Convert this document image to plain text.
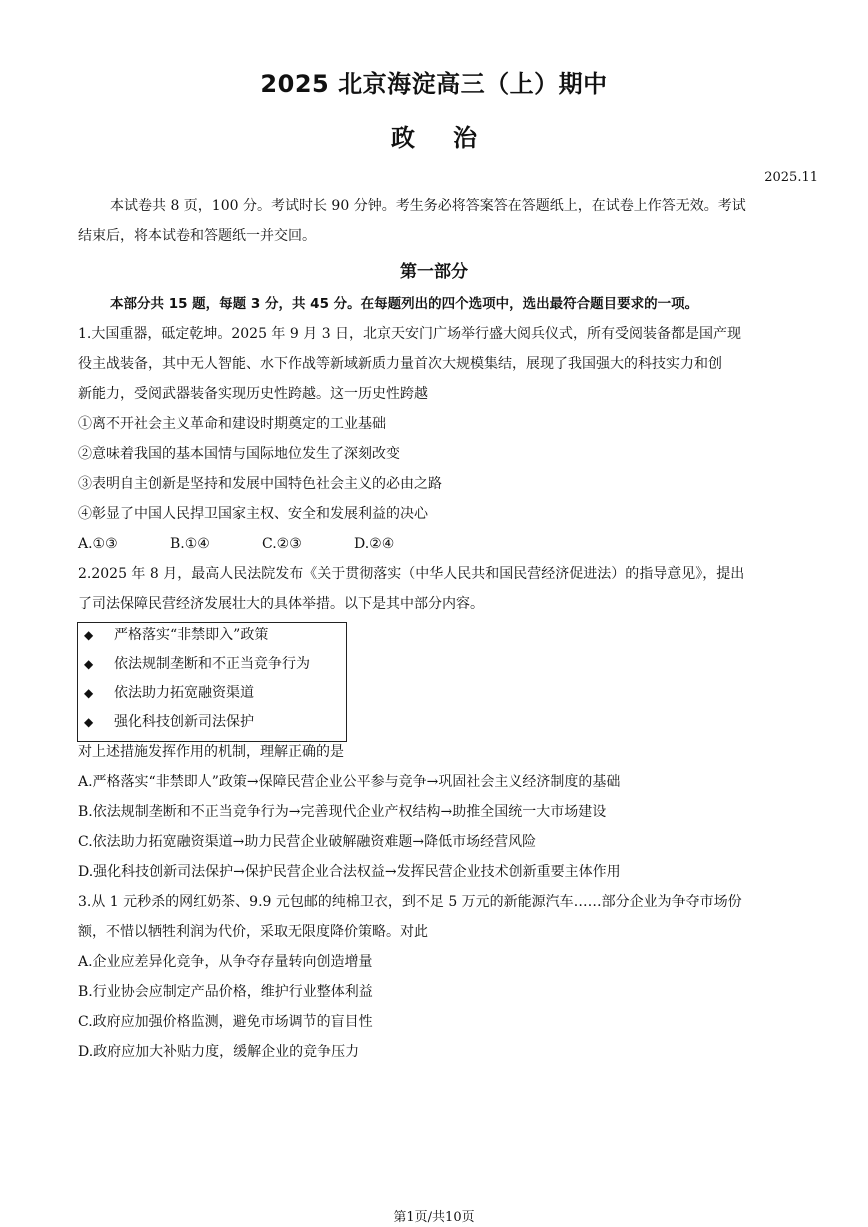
2025 北京海淀高三（上）期中
政治
2025.11
本试卷共 8 页，100 分。考试时长 90 分钟。考生务必将答案答在答题纸上，在试卷上作答无效。考试
结束后，将本试卷和答题纸一并交回。
第一部分
本部分共 15 题，每题 3 分，共 45 分。在每题列出的四个选项中，选出最符合题目要求的一项。
1.大国重器，砥定乾坤。2025 年 9 月 3 日，北京天安门广场举行盛大阅兵仪式，所有受阅装备都是国产现
役主战装备，其中无人智能、水下作战等新域新质力量首次大规模集结，展现了我国强大的科技实力和创
新能力，受阅武器装备实现历史性跨越。这一历史性跨越
①离不开社会主义革命和建设时期奠定的工业基础
②意味着我国的基本国情与国际地位发生了深刻改变
③表明自主创新是坚持和发展中国特色社会主义的必由之路
④彰显了中国人民捍卫国家主权、安全和发展利益的决心
A.①③	B.①④	C.②③	D.②④
2.2025 年 8 月，最高人民法院发布《关于贯彻落实（中华人民共和国民营经济促进法）的指导意见》，提出
了司法保障民营经济发展壮大的具体举措。以下是其中部分内容。
◆ 严格落实“非禁即入”政策
◆ 依法规制垄断和不正当竞争行为
◆ 依法助力拓宽融资渠道
◆ 强化科技创新司法保护
对上述措施发挥作用的机制，理解正确的是
A.严格落实“非禁即人”政策→保障民营企业公平参与竞争→巩固社会主义经济制度的基础
B.依法规制垄断和不正当竞争行为→完善现代企业产权结构→助推全国统一大市场建设
C.依法助力拓宽融资渠道→助力民营企业破解融资难题→降低市场经营风险
D.强化科技创新司法保护→保护民营企业合法权益→发挥民营企业技术创新重要主体作用
3.从 1 元秒杀的网红奶茶、9.9 元包邮的纯棉卫衣，到不足 5 万元的新能源汽车……部分企业为争夺市场份
额，不惜以牺牲利润为代价，采取无限度降价策略。对此
A.企业应差异化竞争，从争夺存量转向创造增量
B.行业协会应制定产品价格，维护行业整体利益
C.政府应加强价格监测，避免市场调节的盲目性
D.政府应加大补贴力度，缓解企业的竞争压力
第1页/共10页
